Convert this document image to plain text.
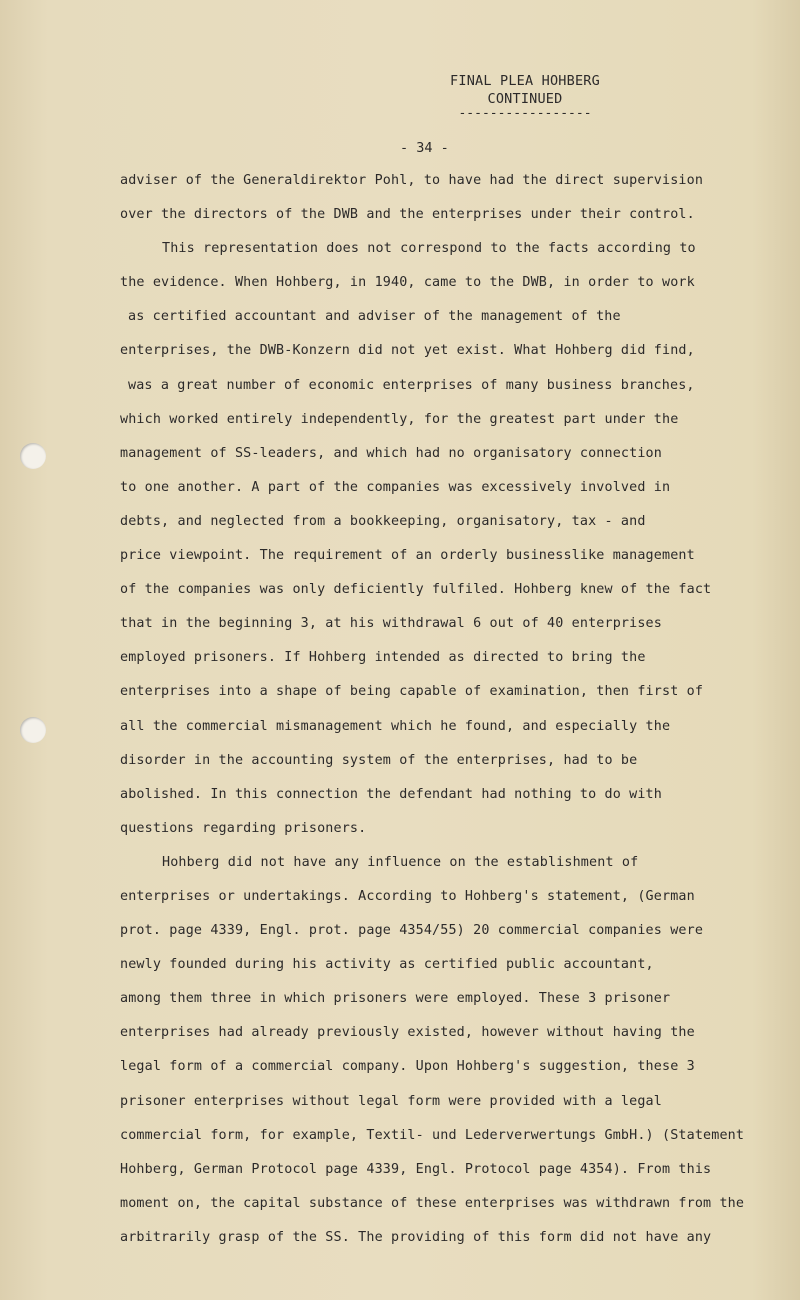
FINAL PLEA HOHBERG
CONTINUED
-----------------
- 34 -
adviser of the Generaldirektor Pohl, to have had the direct supervision
over the directors of the DWB and the enterprises under their control.
This representation does not correspond to the facts according to
the evidence. When Hohberg, in 1940, came to the DWB, in order to work
as certified accountant and adviser of the management of the
enterprises, the DWB-Konzern did not yet exist. What Hohberg did find,
was a great number of economic enterprises of many business branches,
which worked entirely independently, for the greatest part under the
management of SS-leaders, and which had no organisatory connection
to one another. A part of the companies was excessively involved in
debts, and neglected from a bookkeeping, organisatory, tax - and
price viewpoint. The requirement of an orderly businesslike management
of the companies was only deficiently fulfiled. Hohberg knew of the fact
that in the beginning 3, at his withdrawal 6 out of 40 enterprises
employed prisoners. If Hohberg intended as directed to bring the
enterprises into a shape of being capable of examination, then first of
all the commercial mismanagement which he found, and especially the
disorder in the accounting system of the enterprises, had to be
abolished. In this connection the defendant had nothing to do with
questions regarding prisoners.
Hohberg did not have any influence on the establishment of
enterprises or undertakings. According to Hohberg's statement, (German
prot. page 4339, Engl. prot. page 4354/55) 20 commercial companies were
newly founded during his activity as certified public accountant,
among them three in which prisoners were employed. These 3 prisoner
enterprises had already previously existed, however without having the
legal form of a commercial company. Upon Hohberg's suggestion, these 3
prisoner enterprises without legal form were provided with a legal
commercial form, for example, Textil- und Lederverwertungs GmbH.) (Statement
Hohberg, German Protocol page 4339, Engl. Protocol page 4354). From this
moment on, the capital substance of these enterprises was withdrawn from the
arbitrarily grasp of the SS. The providing of this form did not have any
